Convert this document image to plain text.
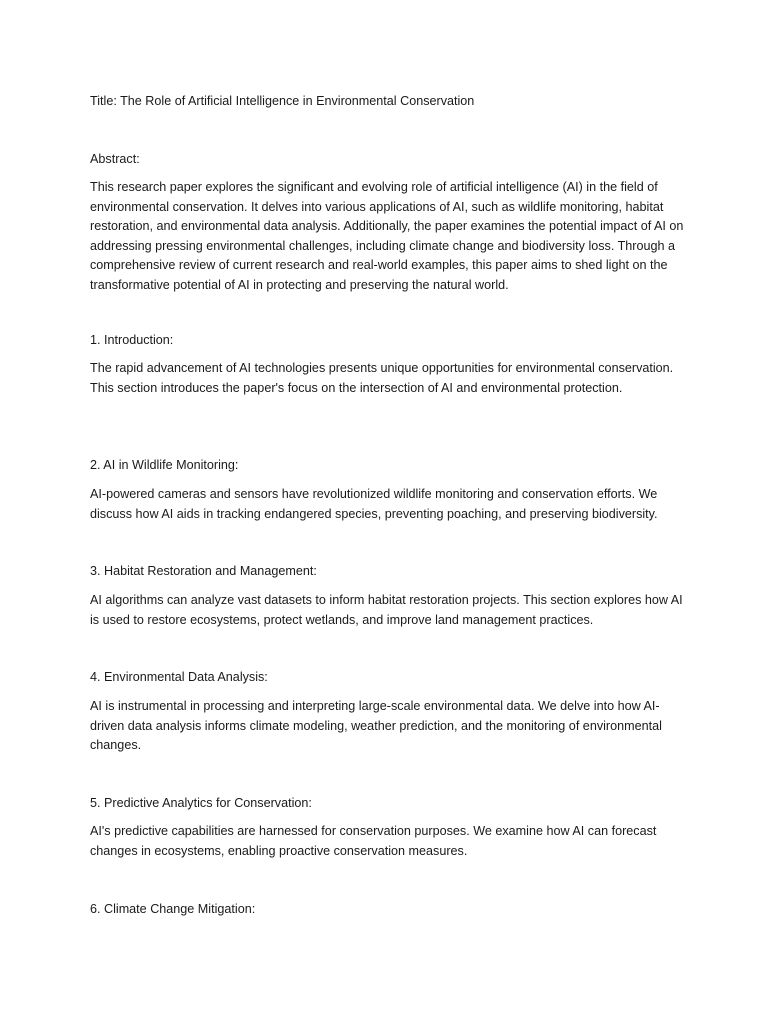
Title: The Role of Artificial Intelligence in Environmental Conservation

Abstract:

This research paper explores the significant and evolving role of artificial intelligence (AI) in the field of environmental conservation. It delves into various applications of AI, such as wildlife monitoring, habitat restoration, and environmental data analysis. Additionally, the paper examines the potential impact of AI on addressing pressing environmental challenges, including climate change and biodiversity loss. Through a comprehensive review of current research and real-world examples, this paper aims to shed light on the transformative potential of AI in protecting and preserving the natural world.

1. Introduction:

The rapid advancement of AI technologies presents unique opportunities for environmental conservation. This section introduces the paper's focus on the intersection of AI and environmental protection.

2. AI in Wildlife Monitoring:

AI-powered cameras and sensors have revolutionized wildlife monitoring and conservation efforts. We discuss how AI aids in tracking endangered species, preventing poaching, and preserving biodiversity.

3. Habitat Restoration and Management:

AI algorithms can analyze vast datasets to inform habitat restoration projects. This section explores how AI is used to restore ecosystems, protect wetlands, and improve land management practices.

4. Environmental Data Analysis:

AI is instrumental in processing and interpreting large-scale environmental data. We delve into how AI-driven data analysis informs climate modeling, weather prediction, and the monitoring of environmental changes.

5. Predictive Analytics for Conservation:

AI's predictive capabilities are harnessed for conservation purposes. We examine how AI can forecast changes in ecosystems, enabling proactive conservation measures.

6. Climate Change Mitigation:
